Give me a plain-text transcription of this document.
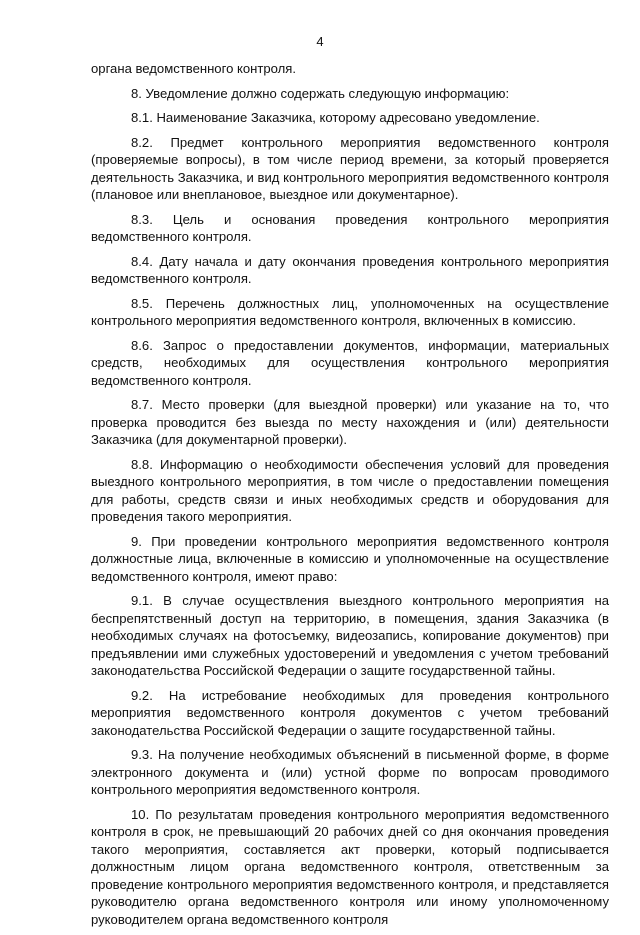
4

органа ведомственного контроля.

8. Уведомление должно содержать следующую информацию:

8.1. Наименование Заказчика, которому адресовано уведомление.

8.2. Предмет контрольного мероприятия ведомственного контроля (проверяемые вопросы), в том числе период времени, за который проверяется деятельность Заказчика, и вид контрольного мероприятия ведомственного контроля (плановое или внеплановое, выездное или документарное).

8.3. Цель и основания проведения контрольного мероприятия ведомственного контроля.

8.4. Дату начала и дату окончания проведения контрольного мероприятия ведомственного контроля.

8.5. Перечень должностных лиц, уполномоченных на осуществление контрольного мероприятия ведомственного контроля, включенных в комиссию.

8.6. Запрос о предоставлении документов, информации, материальных средств, необходимых для осуществления контрольного мероприятия ведомственного контроля.

8.7. Место проверки (для выездной проверки) или указание на то, что проверка проводится без выезда по месту нахождения и (или) деятельности Заказчика (для документарной проверки).

8.8. Информацию о необходимости обеспечения условий для проведения выездного контрольного мероприятия, в том числе о предоставлении помещения для работы, средств связи и иных необходимых средств и оборудования для проведения такого мероприятия.

9. При проведении контрольного мероприятия ведомственного контроля должностные лица, включенные в комиссию и уполномоченные на осуществление ведомственного контроля, имеют право:

9.1. В случае осуществления выездного контрольного мероприятия на беспрепятственный доступ на территорию, в помещения, здания Заказчика (в необходимых случаях на фотосъемку, видеозапись, копирование документов) при предъявлении ими служебных удостоверений и уведомления с учетом требований законодательства Российской Федерации о защите государственной тайны.

9.2. На истребование необходимых для проведения контрольного мероприятия ведомственного контроля документов с учетом требований законодательства Российской Федерации о защите государственной тайны.

9.3. На получение необходимых объяснений в письменной форме, в форме электронного документа и (или) устной форме по вопросам проводимого контрольного мероприятия ведомственного контроля.

10. По результатам проведения контрольного мероприятия ведомственного контроля в срок, не превышающий 20 рабочих дней со дня окончания проведения такого мероприятия, составляется акт проверки, который подписывается должностным лицом органа ведомственного контроля, ответственным за проведение контрольного мероприятия ведомственного контроля, и представляется руководителю органа ведомственного контроля или иному уполномоченному руководителем органа ведомственного контроля
